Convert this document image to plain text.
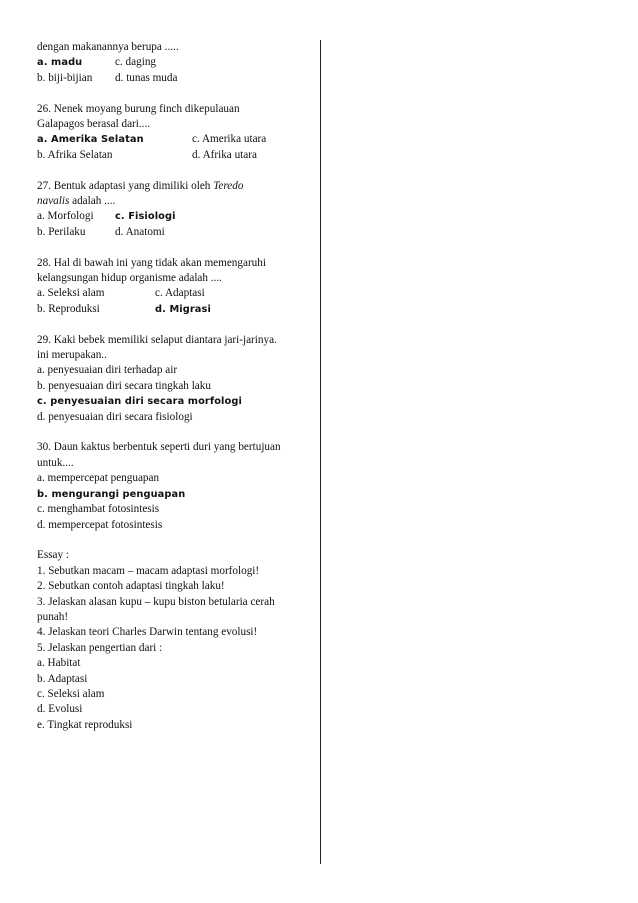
dengan makanannya berupa .....
a. madu	c. daging
b. biji-bijian	d. tunas muda
26. Nenek moyang burung finch dikepulauan
Galapagos berasal dari....
a. Amerika Selatan	c. Amerika utara
b. Afrika Selatan	d. Afrika utara
27. Bentuk adaptasi yang dimiliki oleh Teredo
navalis adalah ....
a. Morfologi	c. Fisiologi
b. Perilaku	d. Anatomi
28. Hal di bawah ini yang tidak akan memengaruhi
kelangsungan hidup organisme adalah ....
a. Seleksi alam	c. Adaptasi
b. Reproduksi	d. Migrasi
29. Kaki bebek memiliki selaput diantara jari-jarinya.
ini merupakan..
a. penyesuaian diri terhadap air
b. penyesuaian diri secara tingkah laku
c. penyesuaian diri secara morfologi
d. penyesuaian diri secara fisiologi
30. Daun kaktus berbentuk seperti duri yang bertujuan
untuk....
a. mempercepat penguapan
b. mengurangi penguapan
c. menghambat fotosintesis
d. mempercepat fotosintesis
Essay :
1. Sebutkan macam – macam adaptasi morfologi!
2. Sebutkan contoh adaptasi tingkah laku!
3. Jelaskan alasan kupu – kupu biston betularia cerah
punah!
4. Jelaskan teori Charles Darwin tentang evolusi!
5. Jelaskan pengertian dari :
a. Habitat
b. Adaptasi
c. Seleksi alam
d. Evolusi
e. Tingkat reproduksi
